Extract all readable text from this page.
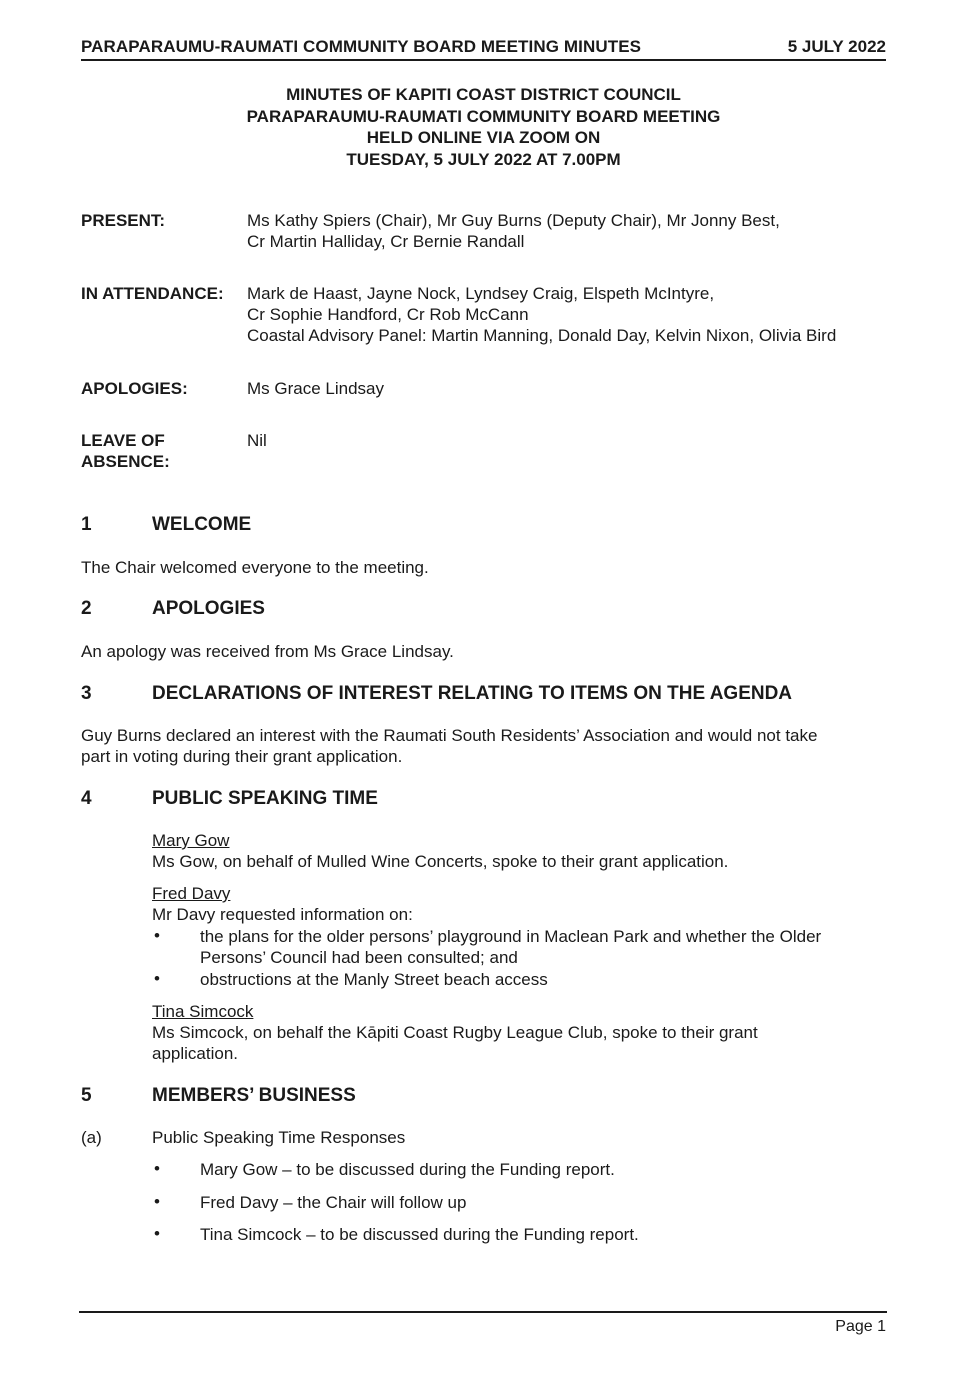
PARAPARAUMU-RAUMATI COMMUNITY BOARD MEETING MINUTES	5 JULY 2022
MINUTES OF KAPITI COAST DISTRICT COUNCIL
PARAPARAUMU-RAUMATI COMMUNITY BOARD MEETING
HELD ONLINE VIA ZOOM ON
TUESDAY, 5 JULY 2022 AT 7.00PM
PRESENT:	Ms Kathy Spiers (Chair), Mr Guy Burns (Deputy Chair), Mr Jonny Best,
Cr Martin Halliday, Cr Bernie Randall
IN ATTENDANCE: Mark de Haast, Jayne Nock, Lyndsey Craig, Elspeth McIntyre,
Cr Sophie Handford, Cr Rob McCann
Coastal Advisory Panel: Martin Manning, Donald Day, Kelvin Nixon, Olivia Bird
APOLOGIES:	Ms Grace Lindsay
LEAVE OF
ABSENCE:
Nil
1	WELCOME
The Chair welcomed everyone to the meeting.
2	APOLOGIES
An apology was received from Ms Grace Lindsay.
3	DECLARATIONS OF INTEREST RELATING TO ITEMS ON THE AGENDA
Guy Burns declared an interest with the Raumati South Residents’ Association and would not take
part in voting during their grant application.
4	PUBLIC SPEAKING TIME
Mary Gow
Ms Gow, on behalf of Mulled Wine Concerts, spoke to their grant application.
Fred Davy
Mr Davy requested information on:
• the plans for the older persons’ playground in Maclean Park and whether the Older
Persons’ Council had been consulted; and
• obstructions at the Manly Street beach access
Tina Simcock
Ms Simcock, on behalf the Kāpiti Coast Rugby League Club, spoke to their grant
application.
5	MEMBERS’ BUSINESS
(a)	Public Speaking Time Responses
• Mary Gow – to be discussed during the Funding report.
• Fred Davy – the Chair will follow up
• Tina Simcock – to be discussed during the Funding report.
Page 1
